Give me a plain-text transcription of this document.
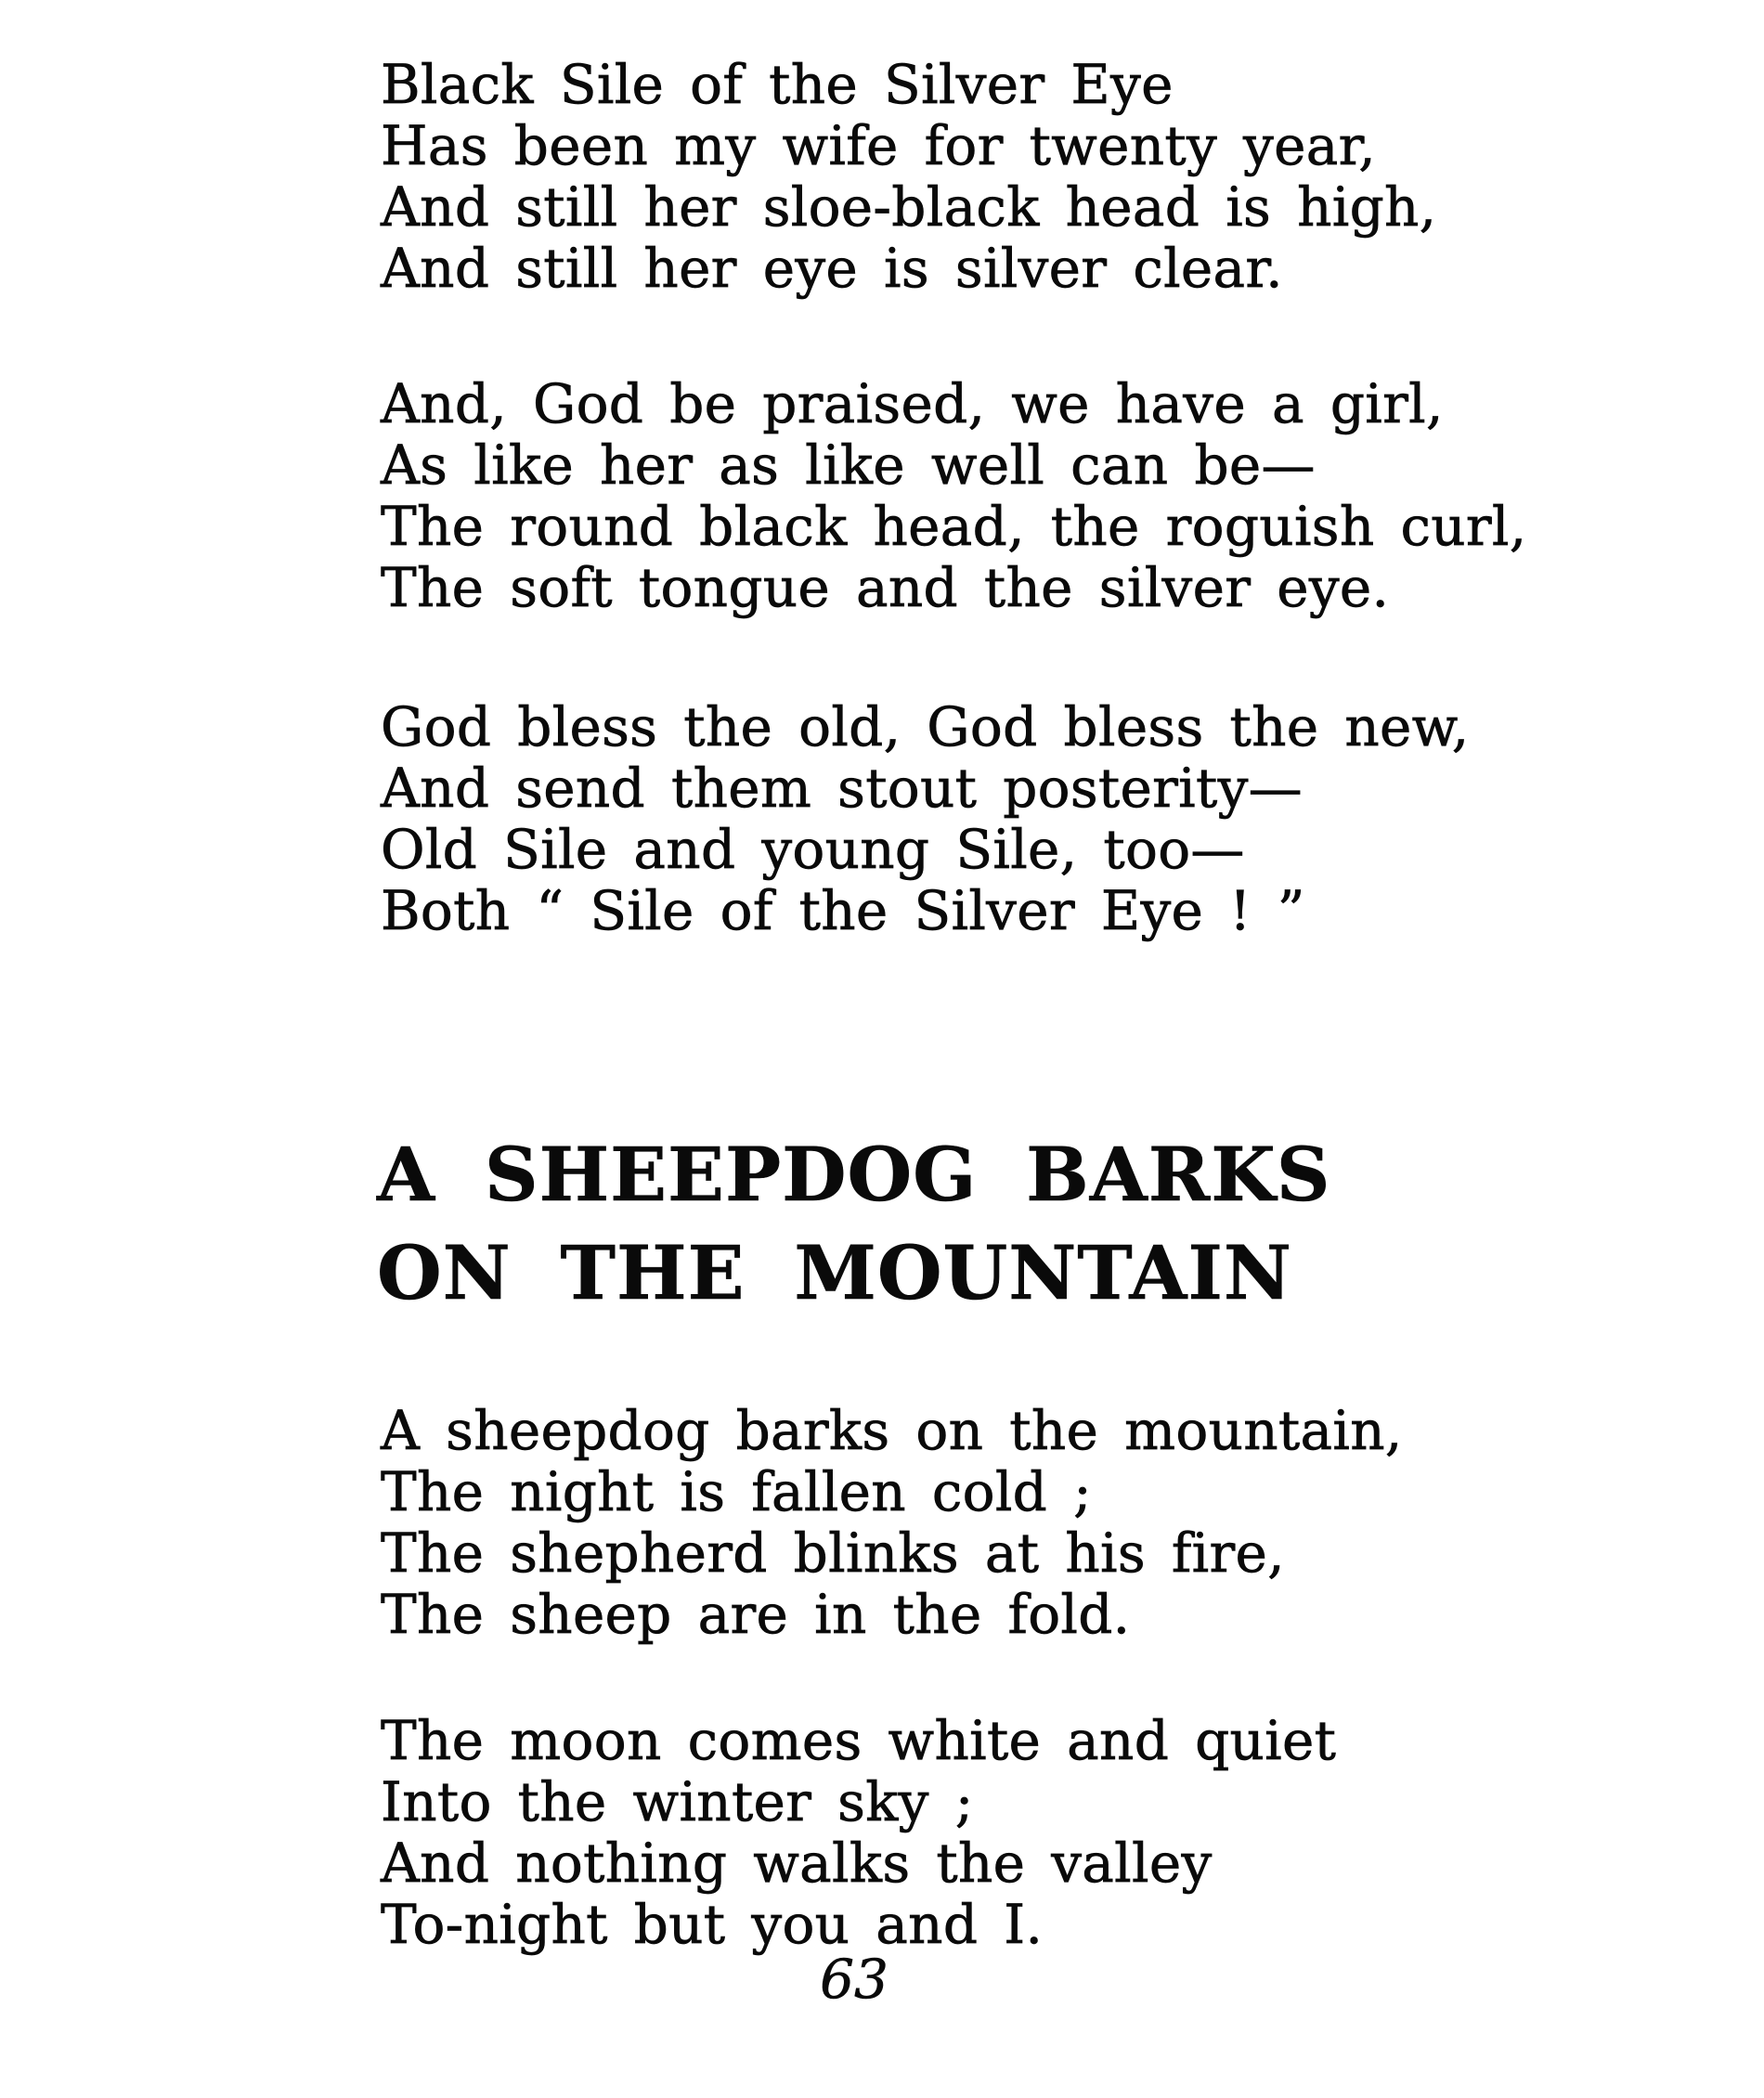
Black Sile of the Silver Eye
Has been my wife for twenty year,
And still her sloe-black head is high,
And still her eye is silver clear.
And, God be praised, we have a girl,
As like her as like well can be—
The round black head, the roguish curl,
The soft tongue and the silver eye.
God bless the old, God bless the new,
And send them stout posterity—
Old Sile and young Sile, too—
Both “ Sile of the Silver Eye ! ”
A SHEEPDOG BARKS
ON THE MOUNTAIN
A sheepdog barks on the mountain,
The night is fallen cold ;
The shepherd blinks at his fire,
The sheep are in the fold.
The moon comes white and quiet
Into the winter sky ;
And nothing walks the valley
To-night but you and I.
63
